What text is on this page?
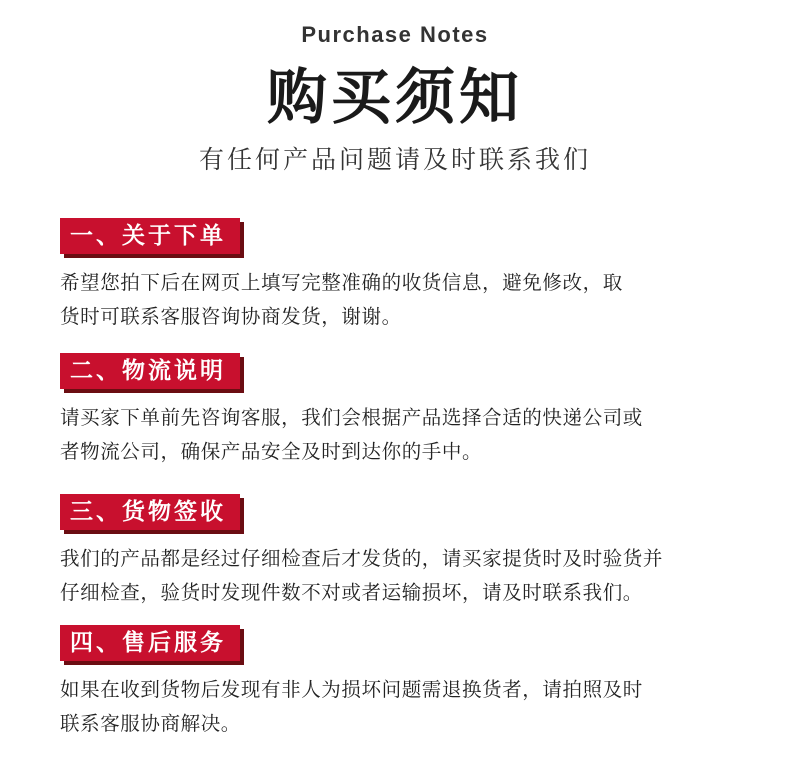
Purchase Notes
购买须知
有任何产品问题请及时联系我们
一、关于下单
希望您拍下后在网页上填写完整准确的收货信息，避免修改，取
货时可联系客服咨询协商发货，谢谢。
二、物流说明
请买家下单前先咨询客服，我们会根据产品选择合适的快递公司或
者物流公司，确保产品安全及时到达你的手中。
三、货物签收
我们的产品都是经过仔细检查后才发货的，请买家提货时及时验货并
仔细检查，验货时发现件数不对或者运输损坏，请及时联系我们。
四、售后服务
如果在收到货物后发现有非人为损坏问题需退换货者，请拍照及时
联系客服协商解决。
